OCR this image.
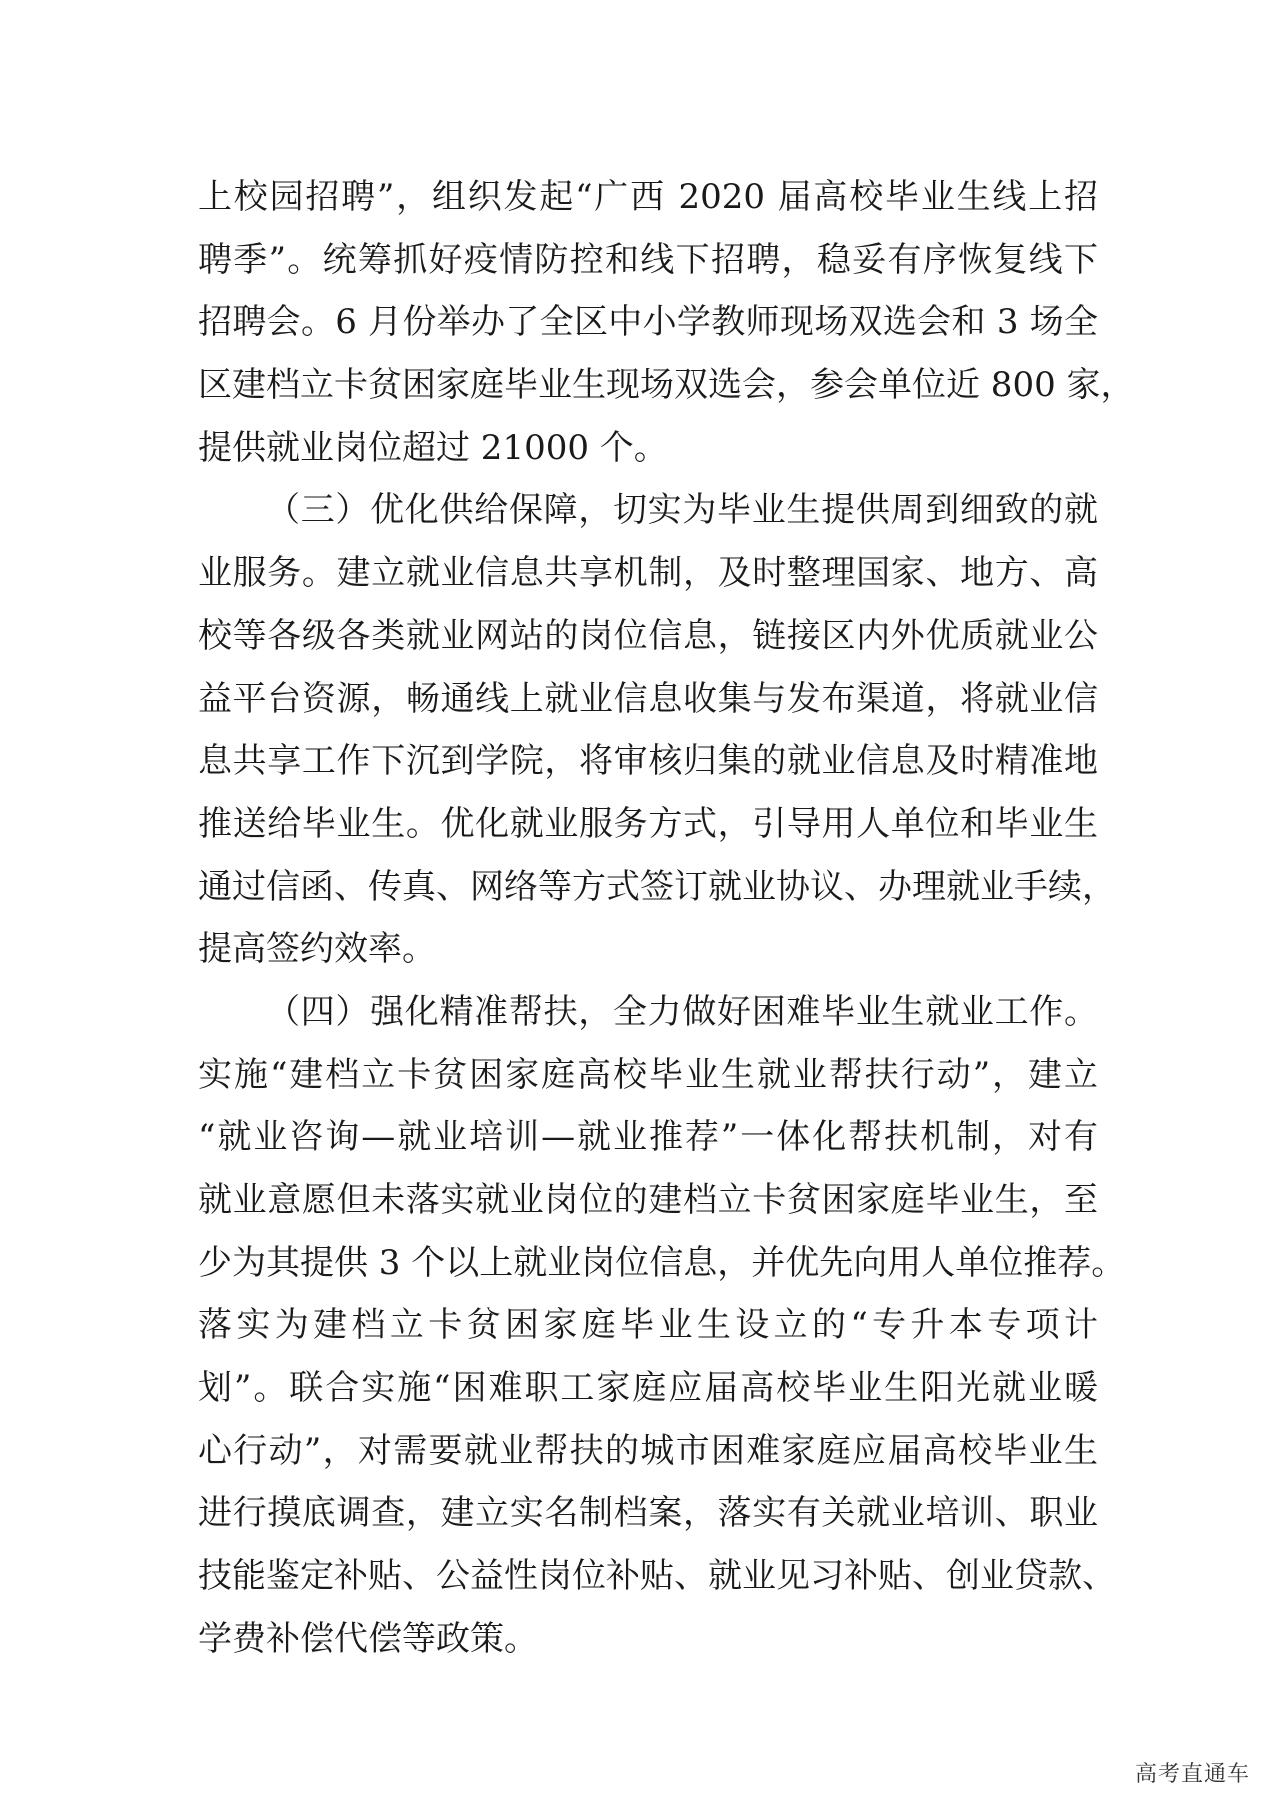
上校园招聘”，组织发起“广西 2020 届高校毕业生线上招
聘季”。统筹抓好疫情防控和线下招聘，稳妥有序恢复线下
招聘会。6 月份举办了全区中小学教师现场双选会和 3 场全
区建档立卡贫困家庭毕业生现场双选会，参会单位近 800 家，
提供就业岗位超过 21000 个。
（三）优化供给保障，切实为毕业生提供周到细致的就
业服务。建立就业信息共享机制，及时整理国家、地方、高
校等各级各类就业网站的岗位信息，链接区内外优质就业公
益平台资源，畅通线上就业信息收集与发布渠道，将就业信
息共享工作下沉到学院，将审核归集的就业信息及时精准地
推送给毕业生。优化就业服务方式，引导用人单位和毕业生
通过信函、传真、网络等方式签订就业协议、办理就业手续，
提高签约效率。
（四）强化精准帮扶，全力做好困难毕业生就业工作。
实施“建档立卡贫困家庭高校毕业生就业帮扶行动”，建立
“就业咨询—就业培训—就业推荐”一体化帮扶机制，对有
就业意愿但未落实就业岗位的建档立卡贫困家庭毕业生，至
少为其提供 3 个以上就业岗位信息，并优先向用人单位推荐。
落实为建档立卡贫困家庭毕业生设立的“专升本专项计
划”。联合实施“困难职工家庭应届高校毕业生阳光就业暖
心行动”，对需要就业帮扶的城市困难家庭应届高校毕业生
进行摸底调查，建立实名制档案，落实有关就业培训、职业
技能鉴定补贴、公益性岗位补贴、就业见习补贴、创业贷款、
学费补偿代偿等政策。
高考直通车
